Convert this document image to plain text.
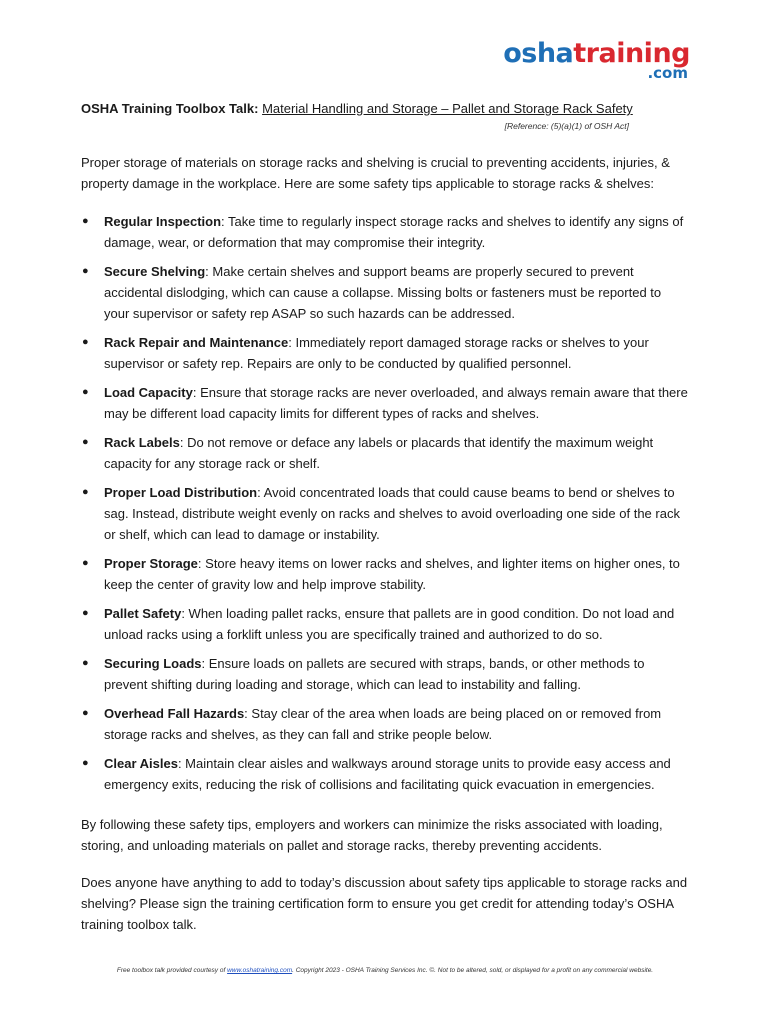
oshatraining
.com
OSHA Training Toolbox Talk: Material Handling and Storage – Pallet and Storage Rack Safety
[Reference: (5)(a)(1) of OSH Act]

Proper storage of materials on storage racks and shelving is crucial to preventing accidents, injuries, & property damage in the workplace. Here are some safety tips applicable to storage racks & shelves:

● Regular Inspection: Take time to regularly inspect storage racks and shelves to identify any signs of damage, wear, or deformation that may compromise their integrity.
● Secure Shelving: Make certain shelves and support beams are properly secured to prevent accidental dislodging, which can cause a collapse. Missing bolts or fasteners must be reported to your supervisor or safety rep ASAP so such hazards can be addressed.
● Rack Repair and Maintenance: Immediately report damaged storage racks or shelves to your supervisor or safety rep. Repairs are only to be conducted by qualified personnel.
● Load Capacity: Ensure that storage racks are never overloaded, and always remain aware that there may be different load capacity limits for different types of racks and shelves.
● Rack Labels: Do not remove or deface any labels or placards that identify the maximum weight capacity for any storage rack or shelf.
● Proper Load Distribution: Avoid concentrated loads that could cause beams to bend or shelves to sag. Instead, distribute weight evenly on racks and shelves to avoid overloading one side of the rack or shelf, which can lead to damage or instability.
● Proper Storage: Store heavy items on lower racks and shelves, and lighter items on higher ones, to keep the center of gravity low and help improve stability.
● Pallet Safety: When loading pallet racks, ensure that pallets are in good condition. Do not load and unload racks using a forklift unless you are specifically trained and authorized to do so.
● Securing Loads: Ensure loads on pallets are secured with straps, bands, or other methods to prevent shifting during loading and storage, which can lead to instability and falling.
● Overhead Fall Hazards: Stay clear of the area when loads are being placed on or removed from storage racks and shelves, as they can fall and strike people below.
● Clear Aisles: Maintain clear aisles and walkways around storage units to provide easy access and emergency exits, reducing the risk of collisions and facilitating quick evacuation in emergencies.

By following these safety tips, employers and workers can minimize the risks associated with loading, storing, and unloading materials on pallet and storage racks, thereby preventing accidents.

Does anyone have anything to add to today’s discussion about safety tips applicable to storage racks and shelving? Please sign the training certification form to ensure you get credit for attending today’s OSHA training toolbox talk.

Free toolbox talk provided courtesy of www.oshatraining.com. Copyright 2023 - OSHA Training Services Inc. ©. Not to be altered, sold, or displayed for a profit on any commercial website.
